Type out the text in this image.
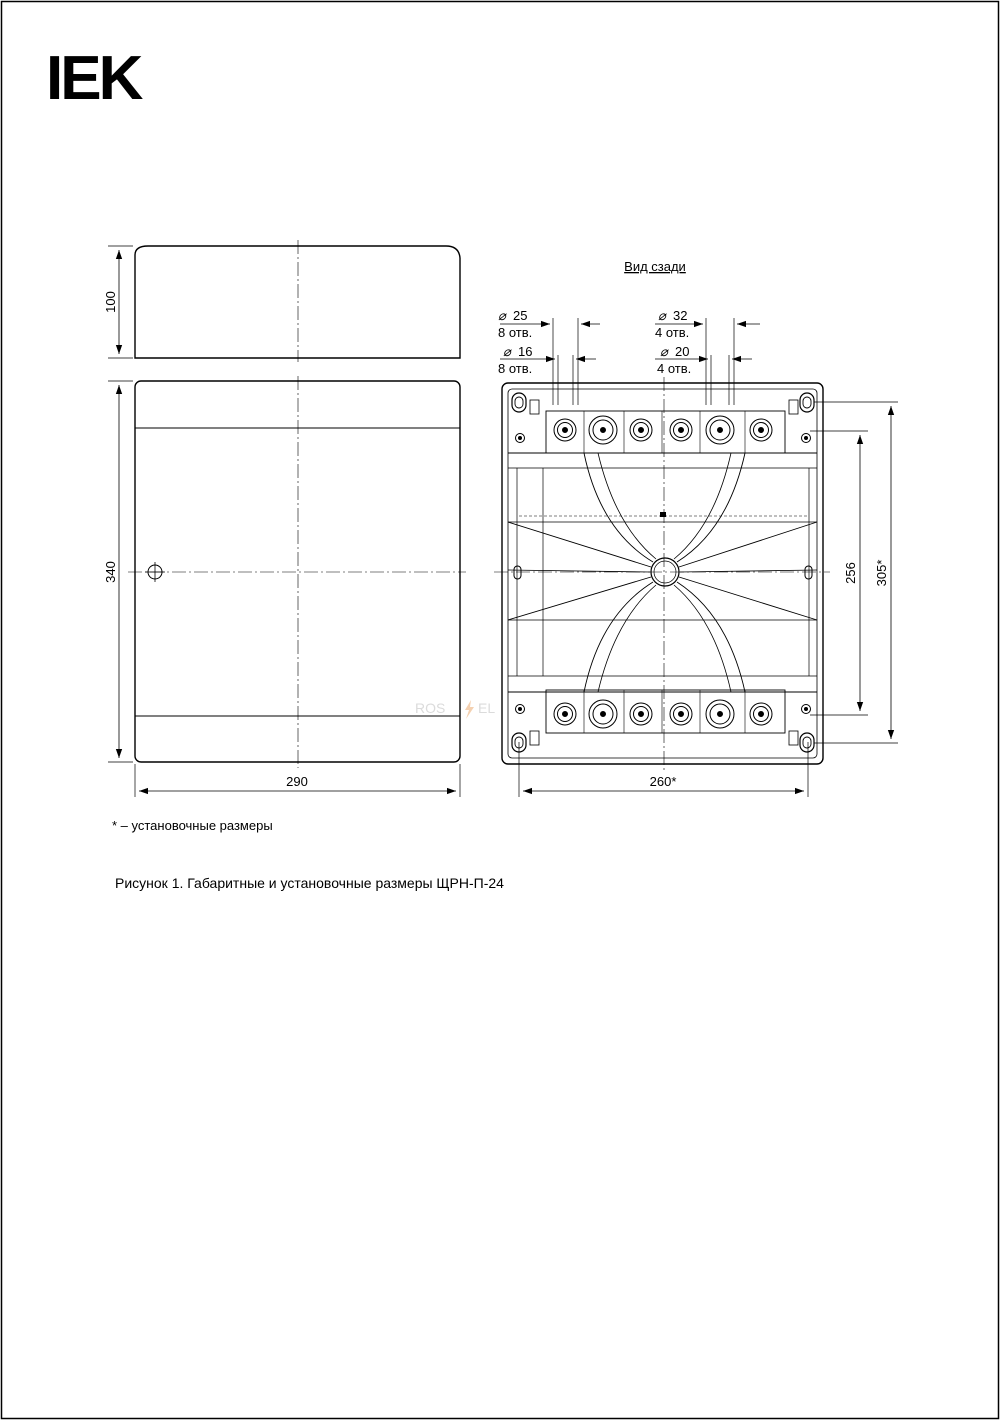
IEK
100
340
290
Вид сзади
⌀ 25
8 отв.
⌀ 16
8 отв.
⌀ 32
4 отв.
⌀ 20
4 отв.
260*
256 305*
ROS EL
* – установочные размеры
Рисунок 1. Габаритные и установочные размеры ЩРН-П-24
